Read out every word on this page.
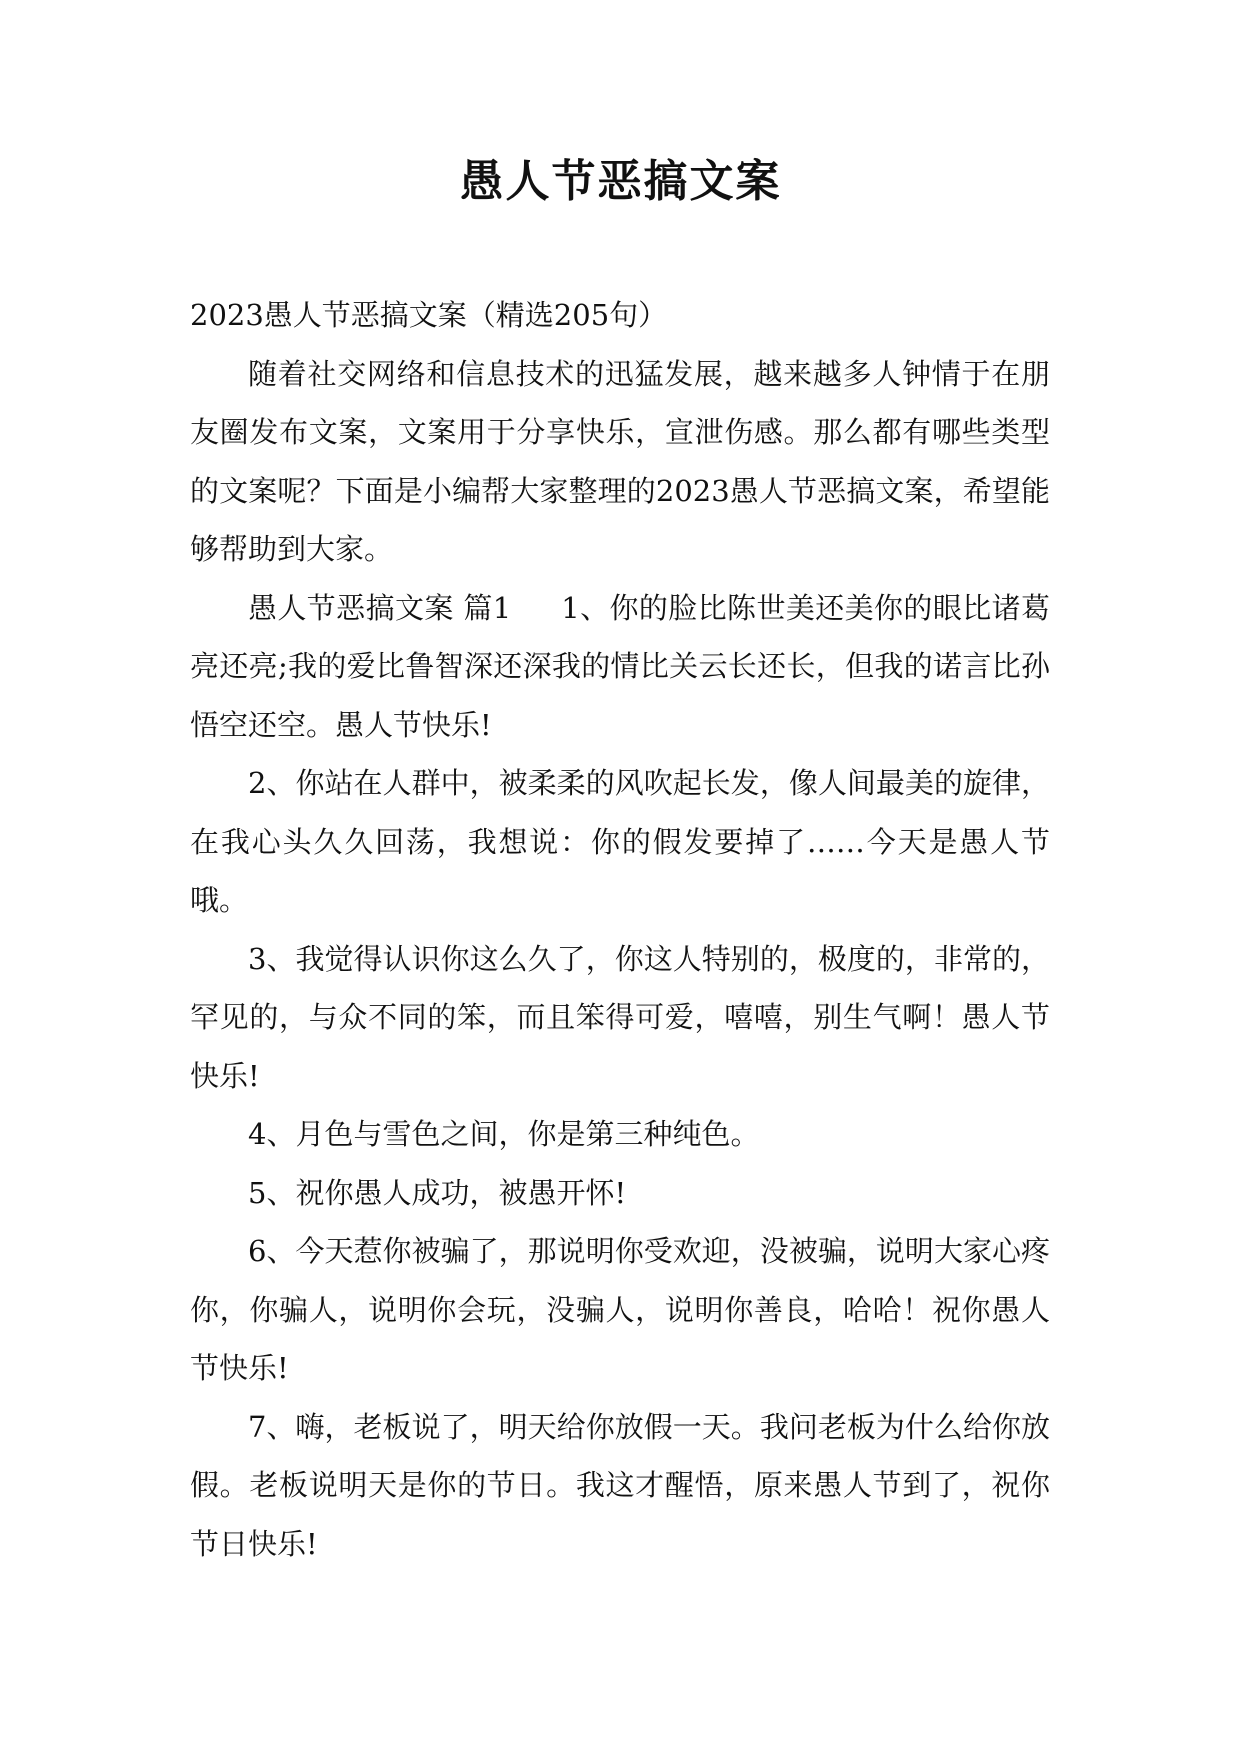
愚人节恶搞文案

2023愚人节恶搞文案（精选205句）

随着社交网络和信息技术的迅猛发展，越来越多人钟情于在朋友圈发布文案，文案用于分享快乐，宣泄伤感。那么都有哪些类型的文案呢？下面是小编帮大家整理的2023愚人节恶搞文案，希望能够帮助到大家。

愚人节恶搞文案 篇1 1、你的脸比陈世美还美你的眼比诸葛亮还亮;我的爱比鲁智深还深我的情比关云长还长，但我的诺言比孙悟空还空。愚人节快乐!

2、你站在人群中，被柔柔的风吹起长发，像人间最美的旋律，在我心头久久回荡，我想说：你的假发要掉了……今天是愚人节哦。

3、我觉得认识你这么久了，你这人特别的，极度的，非常的，罕见的，与众不同的笨，而且笨得可爱，嘻嘻，别生气啊！愚人节快乐!

4、月色与雪色之间，你是第三种纯色。

5、祝你愚人成功，被愚开怀!

6、今天惹你被骗了，那说明你受欢迎，没被骗，说明大家心疼你，你骗人，说明你会玩，没骗人，说明你善良，哈哈！祝你愚人节快乐!

7、嗨，老板说了，明天给你放假一天。我问老板为什么给你放假。老板说明天是你的节日。我这才醒悟，原来愚人节到了，祝你节日快乐!
